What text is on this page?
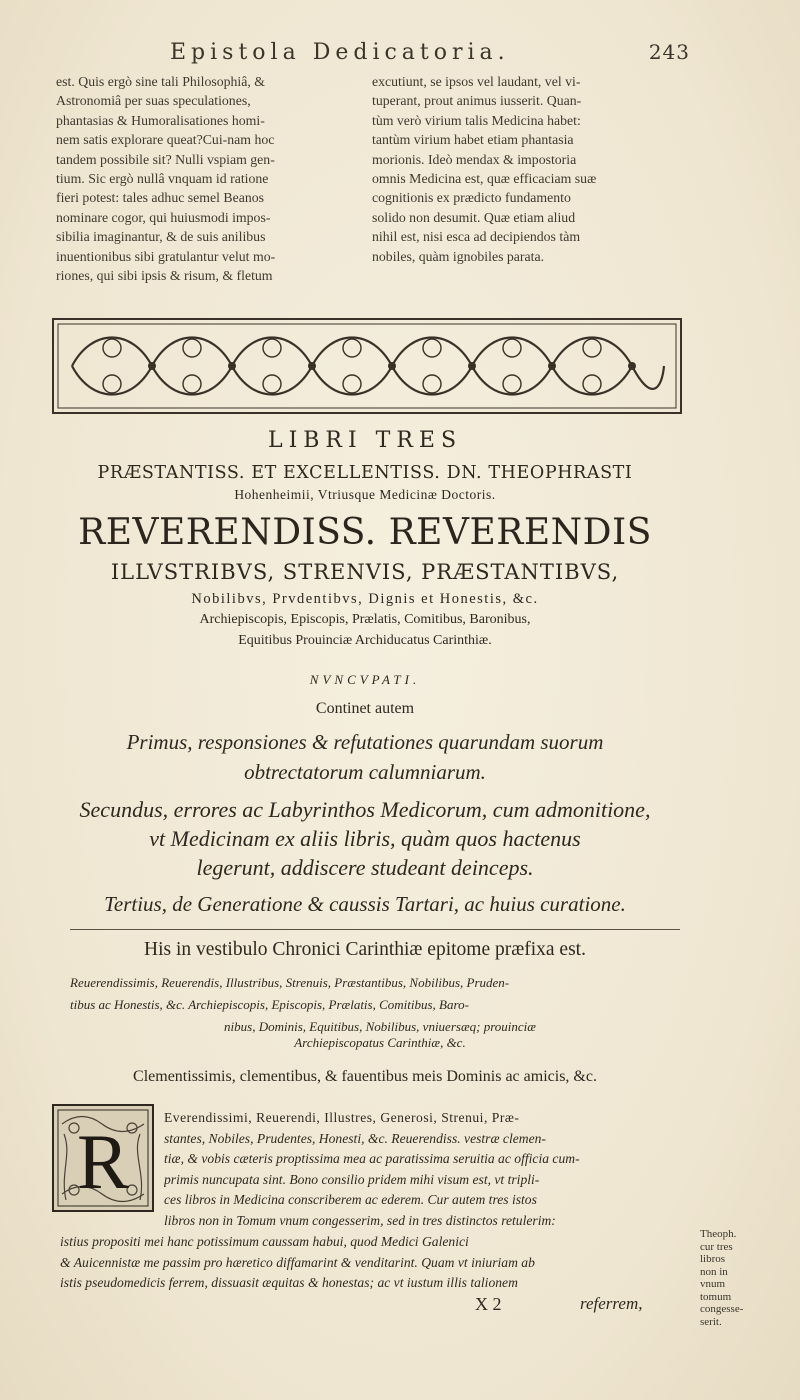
Epistola Dedicatoria.	243
est. Quis ergò sine tali Philosophiâ, &
Astronomiâ per suas speculationes,
phantasias & Humoralisationes homi-
nem satis explorare queat?Cui-nam hoc
tandem possibile sit? Nulli vspiam gen-
tium. Sic ergò nullâ vnquam id ratione
fieri potest: tales adhuc semel Beanos
nominare cogor, qui huiusmodi impos-
sibilia imaginantur, & de suis anilibus
inuentionibus sibi gratulantur velut mo-
riones, qui sibi ipsis & risum, & fletum
excutiunt, se ipsos vel laudant, vel vi-
tuperant, prout animus iusserit. Quan-
tùm verò virium talis Medicina habet:
tantùm virium habet etiam phantasia
morionis. Ideò mendax & impostoria
omnis Medicina est, quæ efficaciam suæ
cognitionis ex prædicto fundamento
solido non desumit. Quæ etiam aliud
nihil est, nisi esca ad decipiendos tàm
nobiles, quàm ignobiles parata.
LIBRI TRES
PRÆSTANTISS. ET EXCELLENTISS. DN. THEOPHRASTI
Hohenheimii, Vtriusque Medicinæ Doctoris.
REVERENDISS. REVERENDIS
ILLVSTRIBVS, STRENVIS, PRÆSTANTIBVS,
Nobilibvs, Prvdentibvs, Dignis et Honestis, &c.
Archiepiscopis, Episcopis, Prælatis, Comitibus, Baronibus,
Equitibus Prouinciæ Archiducatus Carinthiæ.
NVNCVPATI.
Continet autem
Primus, responsiones & refutationes quarundam suorum
obtrectatorum calumniarum.
Secundus, errores ac Labyrinthos Medicorum, cum admonitione,
vt Medicinam ex aliis libris, quàm quos hactenus
legerunt, addiscere studeant deinceps.
Tertius, de Generatione & caussis Tartari, ac huius curatione.
His in vestibulo Chronici Carinthiæ epitome præfixa est.
Reuerendissimis, Reuerendis, Illustribus, Strenuis, Præstantibus, Nobilibus, Pruden-
tibus ac Honestis, &c. Archiepiscopis, Episcopis, Prælatis, Comitibus, Baro-
nibus, Dominis, Equitibus, Nobilibus, vniuersæq; prouinciæ
Archiepiscopatus Carinthiæ, &c.
Clementissimis, clementibus, & fauentibus meis Dominis ac amicis, &c.
R
Everendissimi, Reuerendi, Illustres, Generosi, Strenui, Præ-
stantes, Nobiles, Prudentes, Honesti, &c. Reuerendiss. vestræ clemen-
tiæ, & vobis cæteris proptissima mea ac paratissima seruitia ac officia cum-
primis nuncupata sint. Bono consilio pridem mihi visum est, vt tripli-
ces libros in Medicina conscriberem ac ederem. Cur autem tres istos
libros non in Tomum vnum congesserim, sed in tres distinctos retulerim:
istius propositi mei hanc potissimum caussam habui, quod Medici Galenici
& Auicennistæ me passim pro hæretico diffamarint & venditarint. Quam vt iniuriam ab
istis pseudomedicis ferrem, dissuasit æquitas & honestas; ac vt iustum illis talionem
X 2	referrem,
Theoph.
cur tres
libros
non in
vnum
tomum
congesse-
serit.
